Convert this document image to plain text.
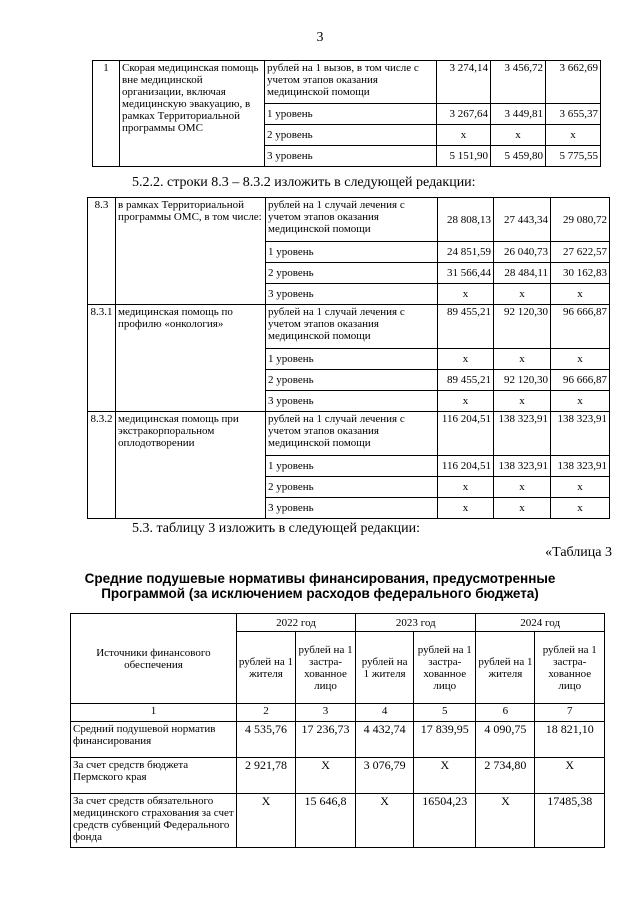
3
1	Скорая медицинская помощь вне медицинской организации, включая медицинскую эвакуацию, в рамках Территориальной программы ОМС	рублей на 1 вызов, в том числе с учетом этапов оказания медицинской помощи	3 274,14	3 456,72	3 662,69
		1 уровень	3 267,64	3 449,81	3 655,37
		2 уровень	x	x	x
		3 уровень	5 151,90	5 459,80	5 775,55
5.2.2. строки 8.3 – 8.3.2 изложить в следующей редакции:
8.3	в рамках Территориальной программы ОМС, в том числе:	рублей на 1 случай лечения с учетом этапов оказания медицинской помощи	28 808,13	27 443,34	29 080,72
		1 уровень	24 851,59	26 040,73	27 622,57
		2 уровень	31 566,44	28 484,11	30 162,83
		3 уровень	x	x	x
8.3.1	медицинская помощь по профилю «онкология»	рублей на 1 случай лечения с учетом этапов оказания медицинской помощи	89 455,21	92 120,30	96 666,87
		1 уровень	x	x	x
		2 уровень	89 455,21	92 120,30	96 666,87
		3 уровень	x	x	x
8.3.2	медицинская помощь при экстракорпоральном оплодотворении	рублей на 1 случай лечения с учетом этапов оказания медицинской помощи	116 204,51	138 323,91	138 323,91
		1 уровень	116 204,51	138 323,91	138 323,91
		2 уровень	x	x	x
		3 уровень	x	x	x
5.3. таблицу 3 изложить в следующей редакции:
«Таблица 3
Средние подушевые нормативы финансирования, предусмотренные
Программой (за исключением расходов федерального бюджета)
Источники финансового обеспечения	2022 год		2023 год		2024 год	
	рублей на 1 жителя	рублей на 1 застра-хованное лицо	рублей на 1 жителя	рублей на 1 застра-хованное лицо	рублей на 1 жителя	рублей на 1 застра-хованное лицо
1	2	3	4	5	6	7
Средний подушевой норматив финансирования	4 535,76	17 236,73	4 432,74	17 839,95	4 090,75	18 821,10
За счет средств бюджета Пермского края	2 921,78	Х	3 076,79	Х	2 734,80	Х
За счет средств обязательного медицинского страхования за счет средств субвенций Федерального фонда	Х	15 646,8	Х	16504,23	Х	17485,38
